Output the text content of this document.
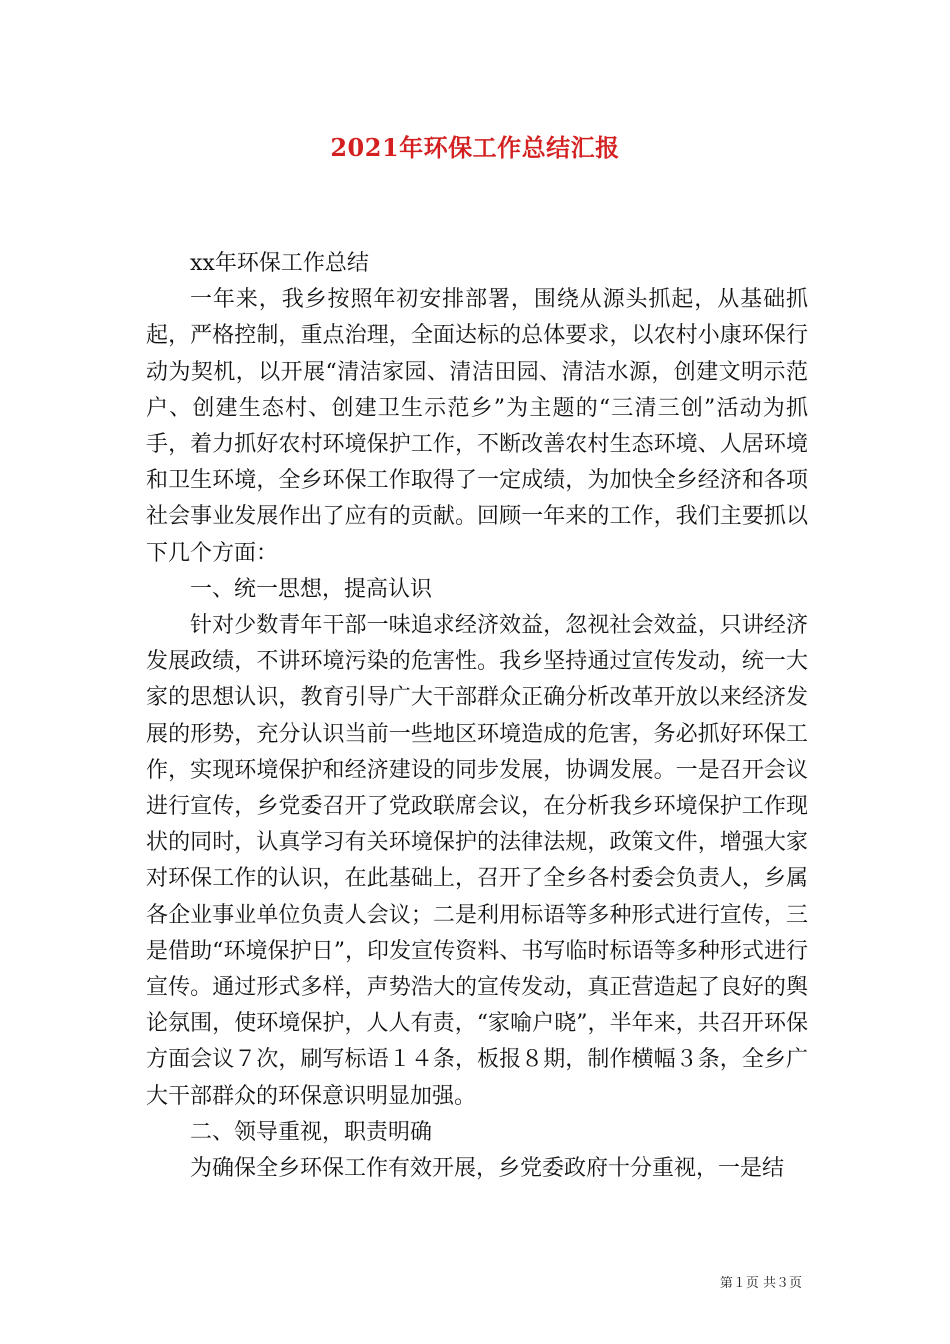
2021年环保工作总结汇报

xx年环保工作总结

一年来，我乡按照年初安排部署，围绕从源头抓起，从基础抓起，严格控制，重点治理，全面达标的总体要求，以农村小康环保行动为契机，以开展“清洁家园、清洁田园、清洁水源，创建文明示范户、创建生态村、创建卫生示范乡”为主题的“三清三创”活动为抓手，着力抓好农村环境保护工作，不断改善农村生态环境、人居环境和卫生环境，全乡环保工作取得了一定成绩，为加快全乡经济和各项社会事业发展作出了应有的贡献。回顾一年来的工作，我们主要抓以下几个方面：

一、统一思想，提高认识

针对少数青年干部一味追求经济效益，忽视社会效益，只讲经济发展政绩，不讲环境污染的危害性。我乡坚持通过宣传发动，统一大家的思想认识，教育引导广大干部群众正确分析改革开放以来经济发展的形势，充分认识当前一些地区环境造成的危害，务必抓好环保工作，实现环境保护和经济建设的同步发展，协调发展。一是召开会议进行宣传，乡党委召开了党政联席会议，在分析我乡环境保护工作现状的同时，认真学习有关环境保护的法律法规，政策文件，增强大家对环保工作的认识，在此基础上，召开了全乡各村委会负责人，乡属各企业事业单位负责人会议；二是利用标语等多种形式进行宣传，三是借助“环境保护日”，印发宣传资料、书写临时标语等多种形式进行宣传。通过形式多样，声势浩大的宣传发动，真正营造起了良好的舆论氛围，使环境保护，人人有责，“家喻户晓”，半年来，共召开环保方面会议７次，刷写标语１４条，板报８期，制作横幅３条，全乡广大干部群众的环保意识明显加强。

二、领导重视，职责明确

为确保全乡环保工作有效开展，乡党委政府十分重视，一是结

第１页 共３页
